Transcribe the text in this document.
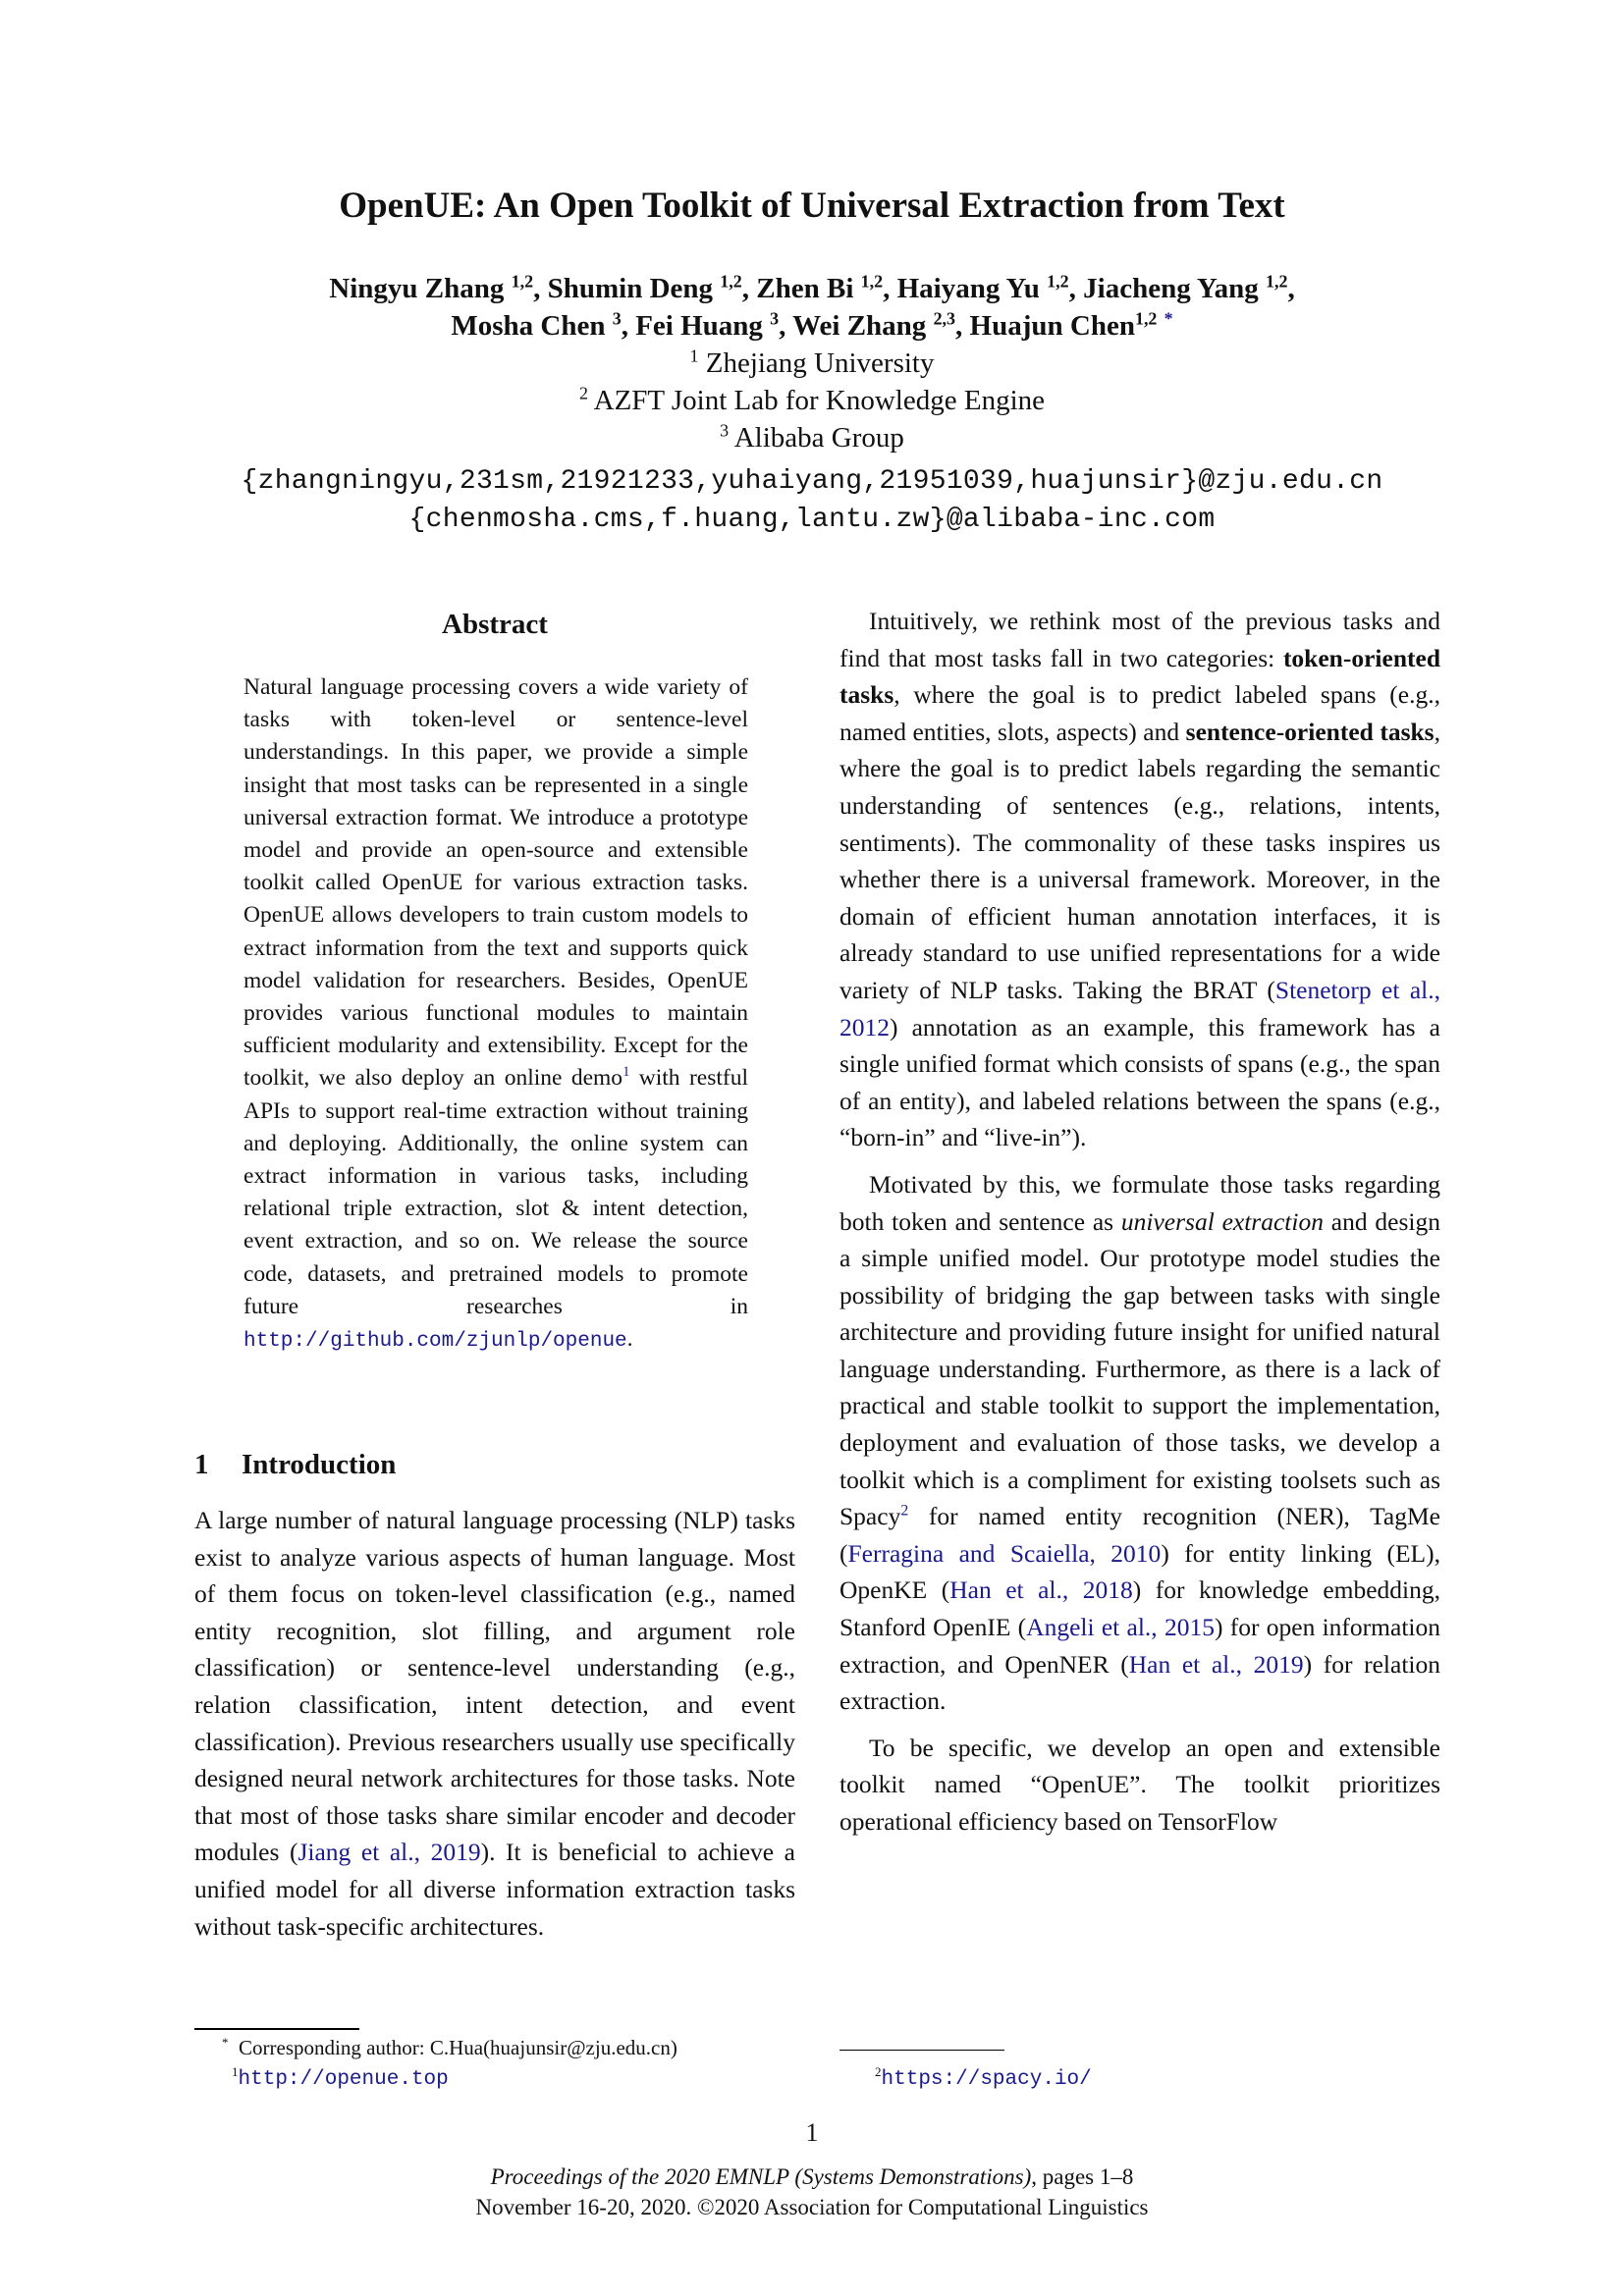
OpenUE: An Open Toolkit of Universal Extraction from Text
Ningyu Zhang $^{1,2}$, Shumin Deng $^{1,2}$, Zhen Bi $^{1,2}$, Haiyang Yu $^{1,2}$, Jiacheng Yang $^{1,2}$,
Mosha Chen $^3$, Fei Huang $^3$, Wei Zhang $^{2,3}$, Huajun Chen$^{1,2}$ *
$^1$ Zhejiang University
$^2$ AZFT Joint Lab for Knowledge Engine
$^3$ Alibaba Group
{zhangningyu,231sm,21921233,yuhaiyang,21951039,huajunsir}@zju.edu.cn
{chenmosha.cms,f.huang,lantu.zw}@alibaba-inc.com
Abstract
Natural language processing covers a wide variety of tasks with token-level or sentence-level understandings. In this paper, we provide a simple insight that most tasks can be represented in a single universal extraction format. We introduce a prototype model and provide an open-source and extensible toolkit called OpenUE for various extraction tasks. OpenUE allows developers to train custom models to extract information from the text and supports quick model validation for researchers. Besides, OpenUE provides various functional modules to maintain sufficient modularity and extensibility. Except for the toolkit, we also deploy an online demo$^1$ with restful APIs to support real-time extraction without training and deploying. Additionally, the online system can extract information in various tasks, including relational triple extraction, slot & intent detection, event extraction, and so on. We release the source code, datasets, and pretrained models to promote future researches in http://github.com/zjunlp/openue.
1 Introduction

A large number of natural language processing (NLP) tasks exist to analyze various aspects of human language. Most of them focus on token-level classification (e.g., named entity recognition, slot filling, and argument role classification) or sentence-level understanding (e.g., relation classification, intent detection, and event classification). Previous researchers usually use specifically designed neural network architectures for those tasks. Note that most of those tasks share similar encoder and decoder modules (Jiang et al., 2019). It is beneficial to achieve a unified model for all diverse information extraction tasks without task-specific architectures.

Intuitively, we rethink most of the previous tasks and find that most tasks fall in two categories: token-oriented tasks, where the goal is to predict labeled spans (e.g., named entities, slots, aspects) and sentence-oriented tasks, where the goal is to predict labels regarding the semantic understanding of sentences (e.g., relations, intents, sentiments). The commonality of these tasks inspires us whether there is a universal framework. Moreover, in the domain of efficient human annotation interfaces, it is already standard to use unified representations for a wide variety of NLP tasks. Taking the BRAT (Stenetorp et al., 2012) annotation as an example, this framework has a single unified format which consists of spans (e.g., the span of an entity), and labeled relations between the spans (e.g., “born-in” and “live-in”).

Motivated by this, we formulate those tasks regarding both token and sentence as universal extraction and design a simple unified model. Our prototype model studies the possibility of bridging the gap between tasks with single architecture and providing future insight for unified natural language understanding. Furthermore, as there is a lack of practical and stable toolkit to support the implementation, deployment and evaluation of those tasks, we develop a toolkit which is a compliment for existing toolsets such as Spacy$^2$ for named entity recognition (NER), TagMe (Ferragina and Scaiella, 2010) for entity linking (EL), OpenKE (Han et al., 2018) for knowledge embedding, Stanford OpenIE (Angeli et al., 2015) for open information extraction, and OpenNER (Han et al., 2019) for relation extraction.

To be specific, we develop an open and extensible toolkit named “OpenUE”. The toolkit prioritizes operational efficiency based on TensorFlow

* Corresponding author: C.Hua(huajunsir@zju.edu.cn)
$^1$http://openue.top	$^2$https://spacy.io/
1
Proceedings of the 2020 EMNLP (Systems Demonstrations), pages 1–8
November 16-20, 2020. ©2020 Association for Computational Linguistics
